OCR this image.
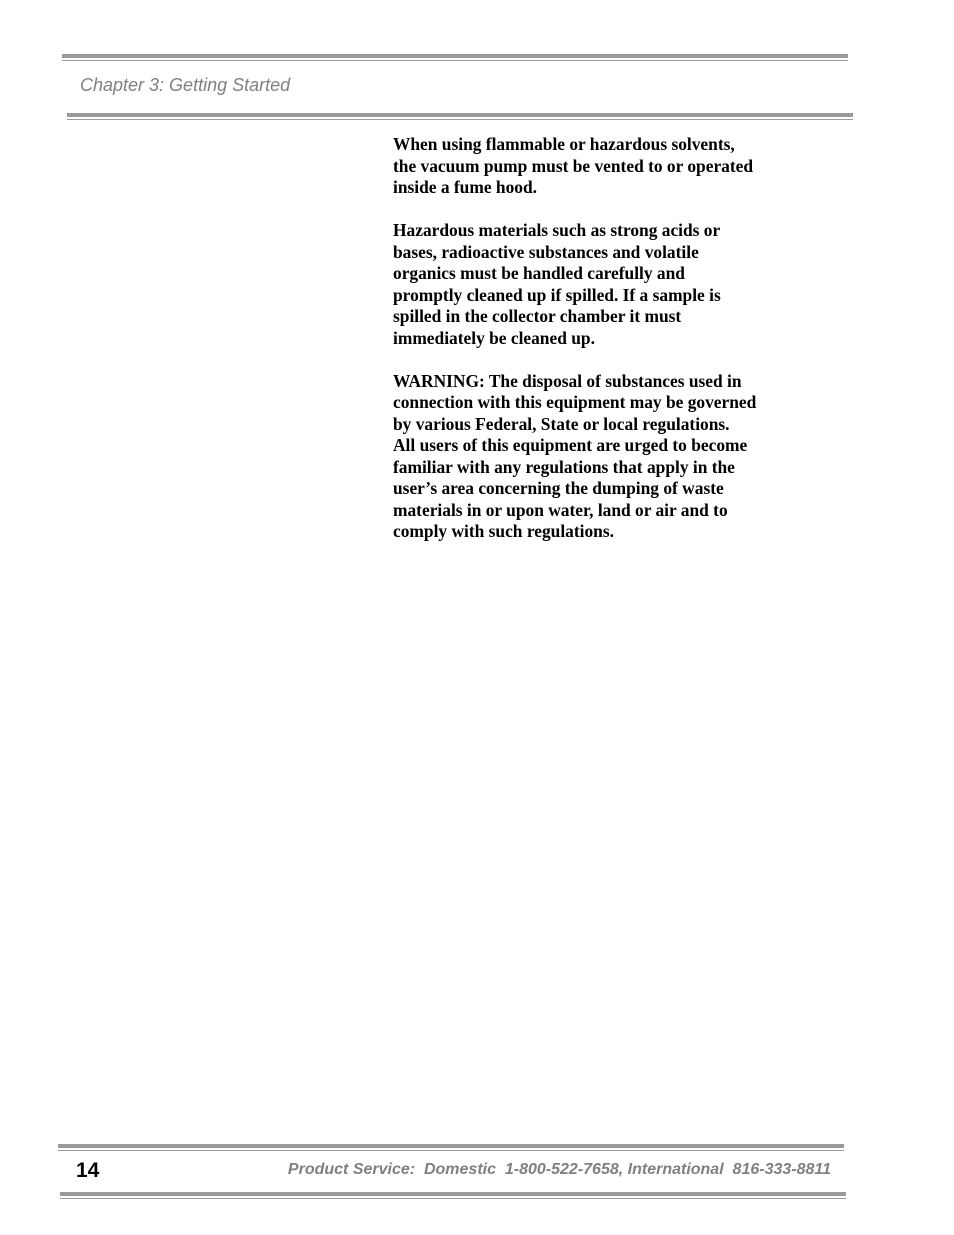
Chapter 3: Getting Started

When using flammable or hazardous solvents,
the vacuum pump must be vented to or operated
inside a fume hood.

Hazardous materials such as strong acids or
bases, radioactive substances and volatile
organics must be handled carefully and
promptly cleaned up if spilled. If a sample is
spilled in the collector chamber it must
immediately be cleaned up.

WARNING: The disposal of substances used in
connection with this equipment may be governed
by various Federal, State or local regulations.
All users of this equipment are urged to become
familiar with any regulations that apply in the
user’s area concerning the dumping of waste
materials in or upon water, land or air and to
comply with such regulations.

14	Product Service:  Domestic  1-800-522-7658, International  816-333-8811
